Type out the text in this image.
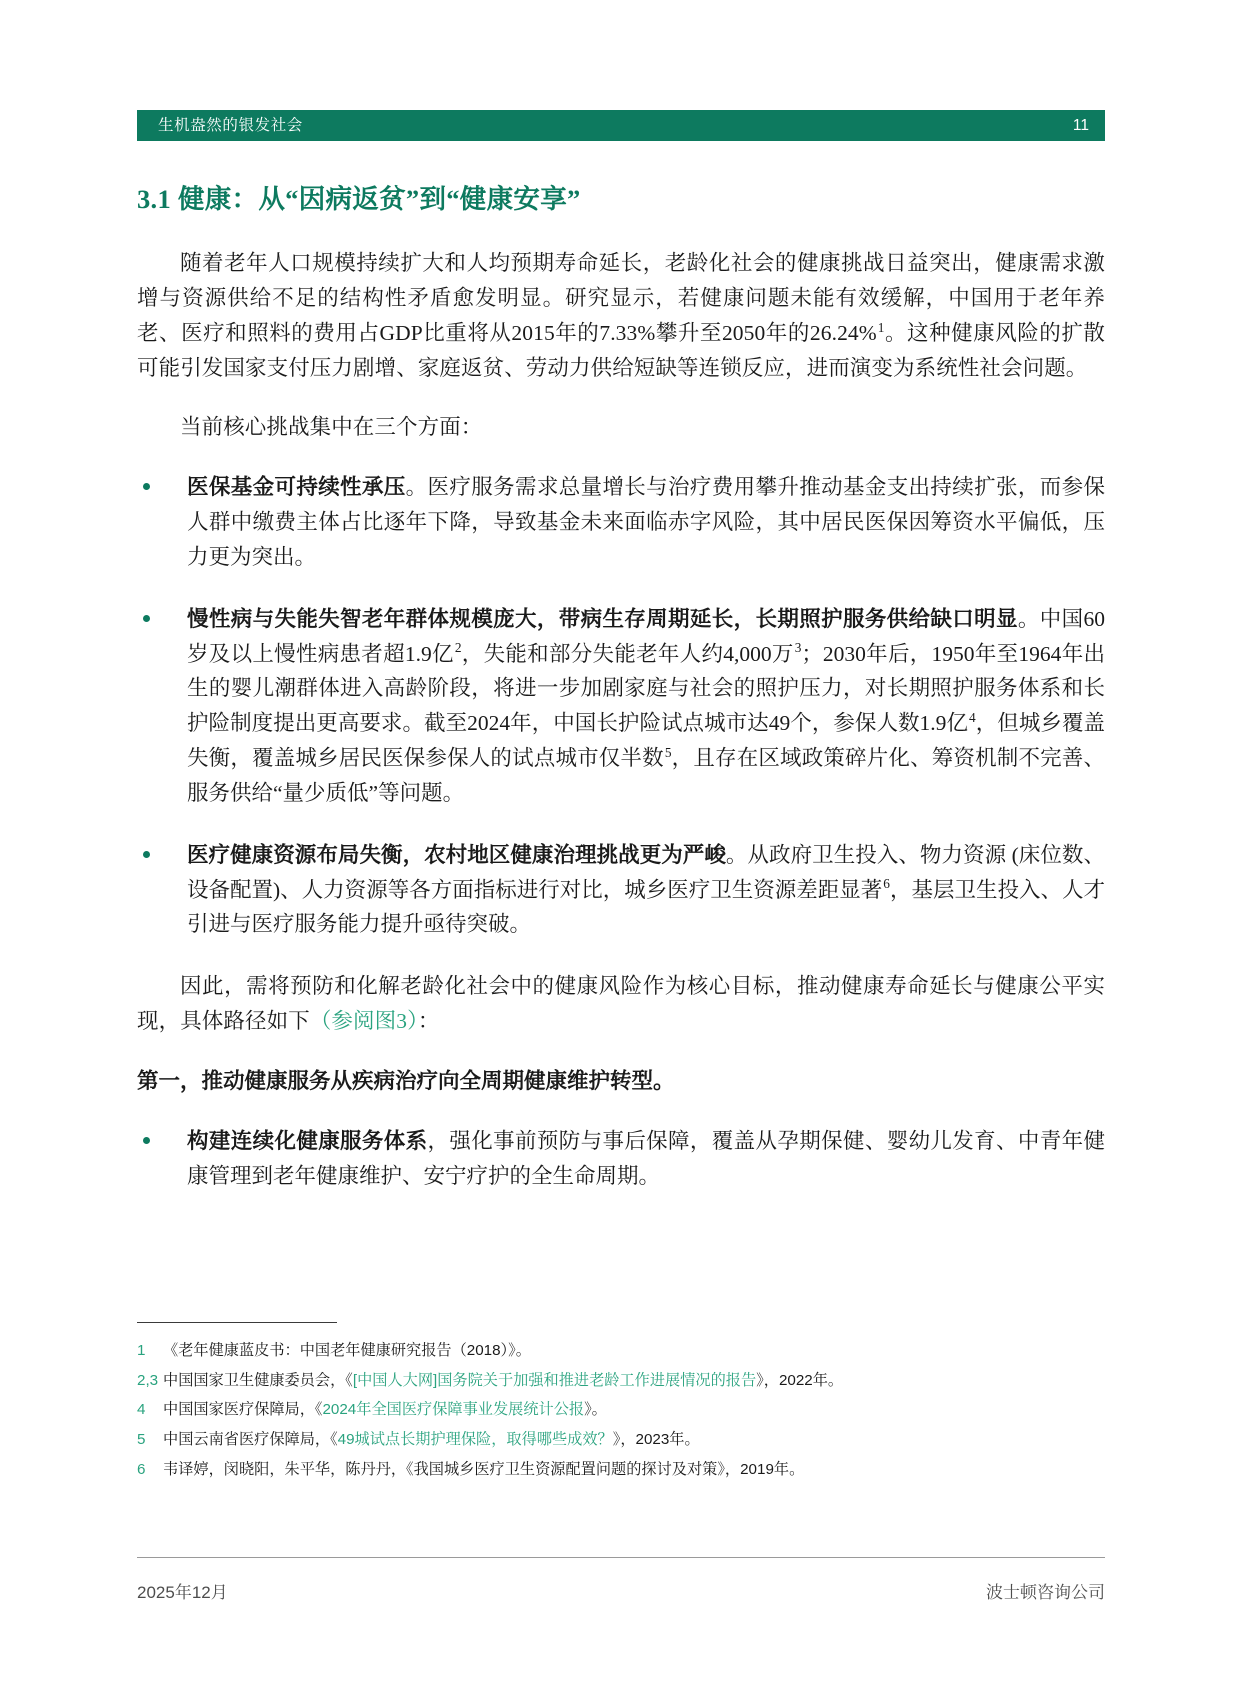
生机盎然的银发社会	11
3.1 健康：从“因病返贫”到“健康安享”

随着老年人口规模持续扩大和人均预期寿命延长，老龄化社会的健康挑战日益突出，健康需求激增与资源供给不足的结构性矛盾愈发明显。研究显示，若健康问题未能有效缓解，中国用于老年养老、医疗和照料的费用占GDP比重将从2015年的7.33%攀升至2050年的26.24%$^1$。这种健康风险的扩散可能引发国家支付压力剧增、家庭返贫、劳动力供给短缺等连锁反应，进而演变为系统性社会问题。

当前核心挑战集中在三个方面：

医保基金可持续性承压。医疗服务需求总量增长与治疗费用攀升推动基金支出持续扩张，而参保人群中缴费主体占比逐年下降，导致基金未来面临赤字风险，其中居民医保因筹资水平偏低，压力更为突出。
慢性病与失能失智老年群体规模庞大，带病生存周期延长，长期照护服务供给缺口明显。中国60岁及以上慢性病患者超1.9亿$^2$，失能和部分失能老年人约4,000万$^3$；2030年后，1950年至1964年出生的婴儿潮群体进入高龄阶段，将进一步加剧家庭与社会的照护压力，对长期照护服务体系和长护险制度提出更高要求。截至2024年，中国长护险试点城市达49个，参保人数1.9亿$^4$，但城乡覆盖失衡，覆盖城乡居民医保参保人的试点城市仅半数$^5$，且存在区域政策碎片化、筹资机制不完善、服务供给“量少质低”等问题。
医疗健康资源布局失衡，农村地区健康治理挑战更为严峻。从政府卫生投入、物力资源 (床位数、设备配置)、人力资源等各方面指标进行对比，城乡医疗卫生资源差距显著$^6$，基层卫生投入、人才引进与医疗服务能力提升亟待突破。

因此，需将预防和化解老龄化社会中的健康风险作为核心目标，推动健康寿命延长与健康公平实现，具体路径如下（参阅图3）：

第一，推动健康服务从疾病治疗向全周期健康维护转型。

构建连续化健康服务体系，强化事前预防与事后保障，覆盖从孕期保健、婴幼儿发育、中青年健康管理到老年健康维护、安宁疗护的全生命周期。
1	《老年健康蓝皮书：中国老年健康研究报告（2018）》。
2,3 中国国家卫生健康委员会，《[中国人大网]国务院关于加强和推进老龄工作进展情况的报告》，2022年。
4	中国国家医疗保障局，《2024年全国医疗保障事业发展统计公报》。
5	中国云南省医疗保障局，《49城试点长期护理保险，取得哪些成效？》，2023年。
6	韦译婷，闵晓阳，朱平华，陈丹丹，《我国城乡医疗卫生资源配置问题的探讨及对策》，2019年。
2025年12月	波士顿咨询公司
